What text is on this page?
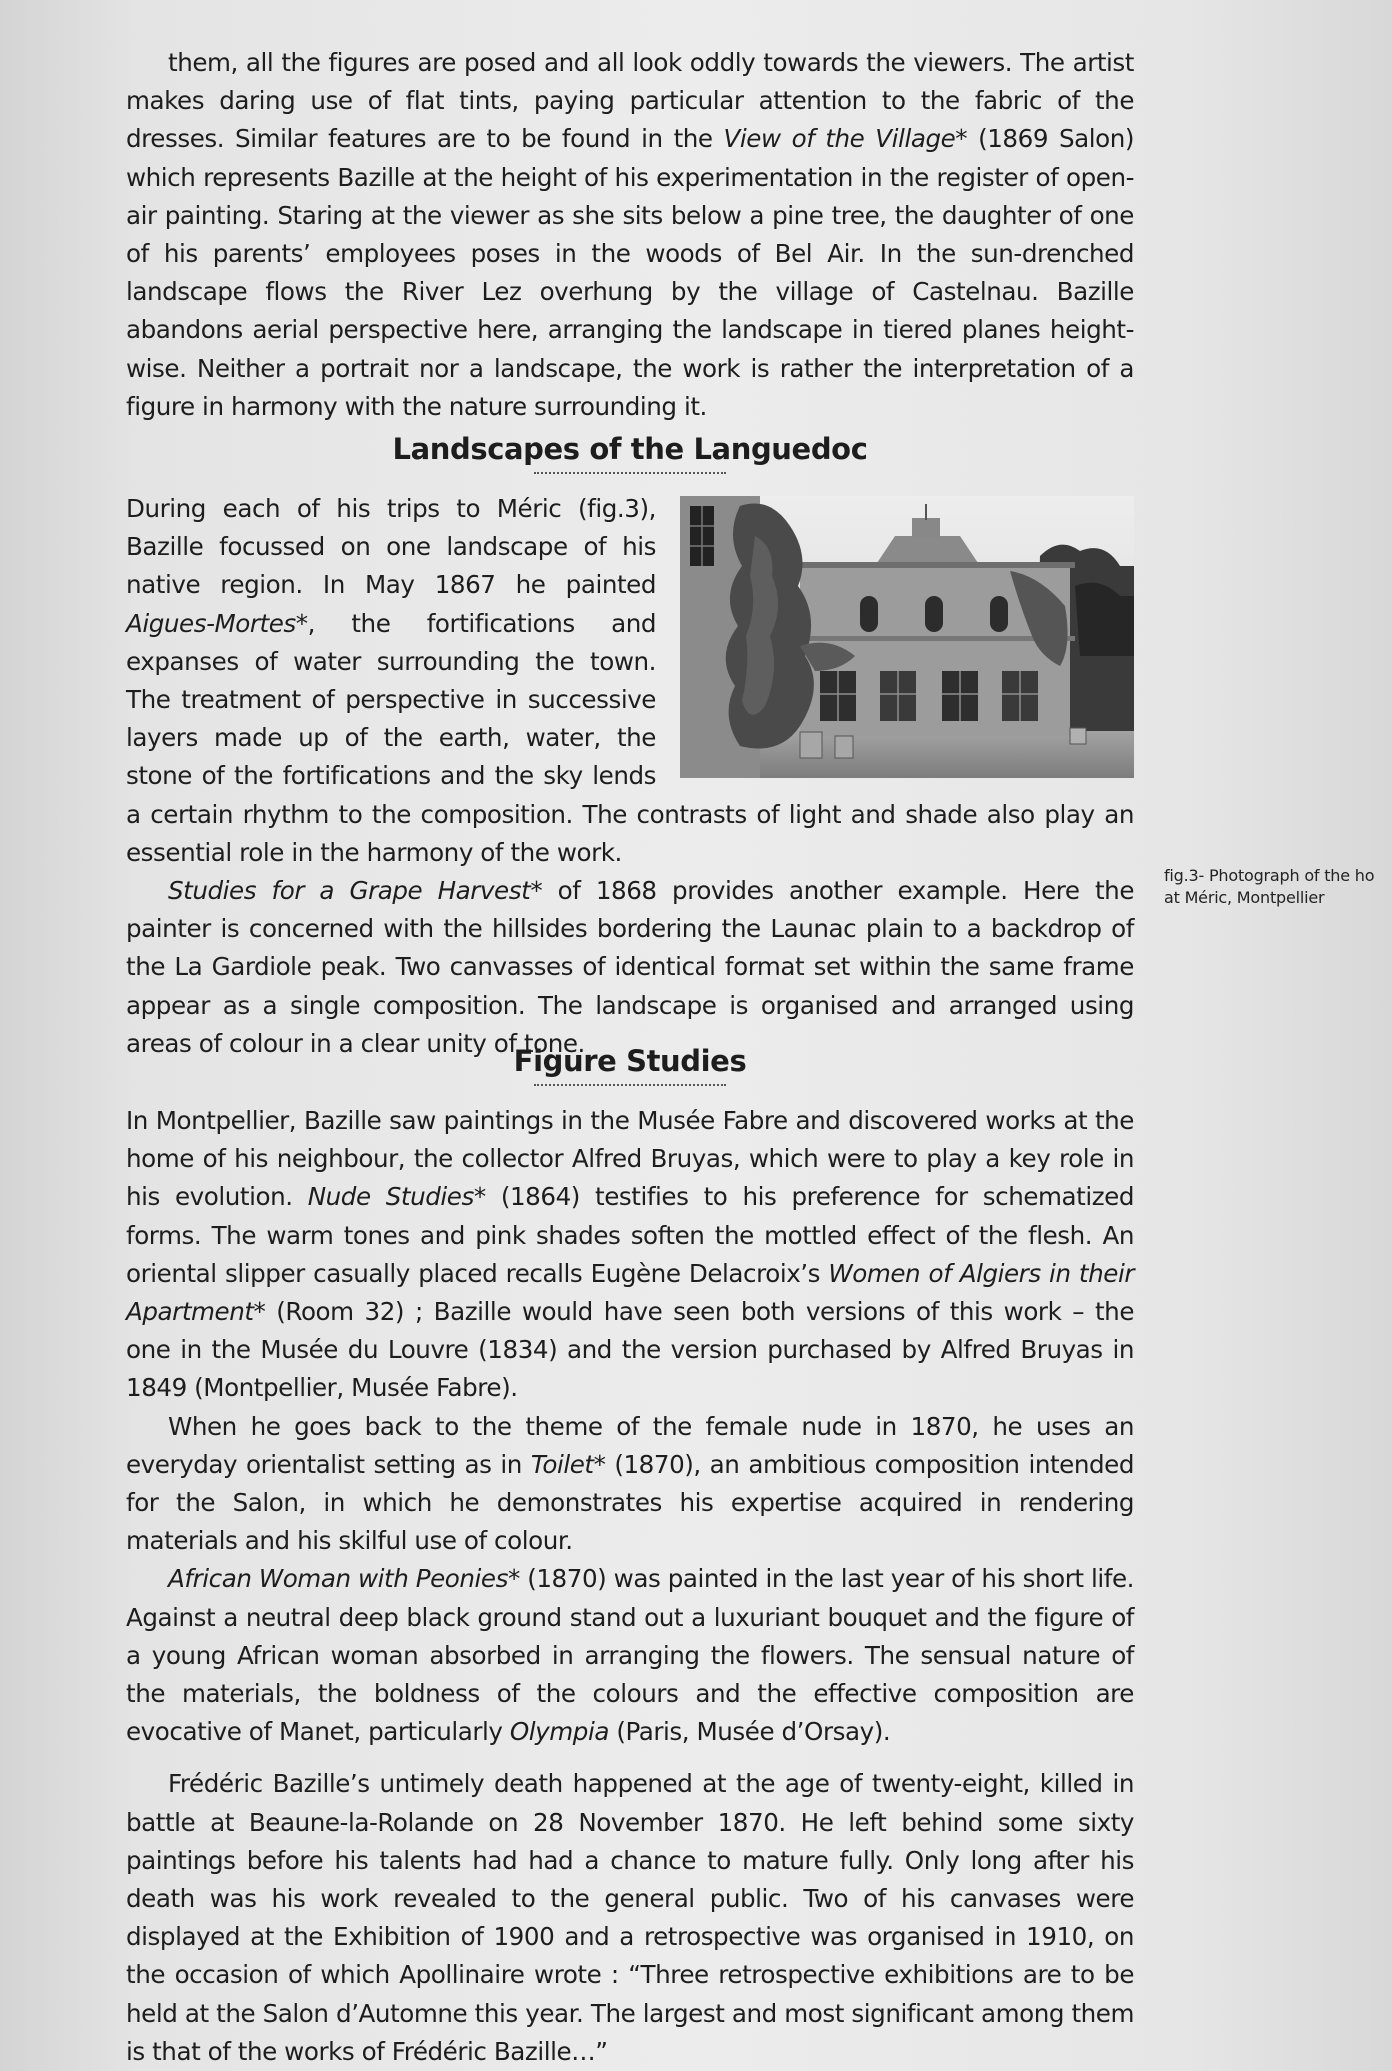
them, all the figures are posed and all look oddly towards the viewers. The artist makes daring use of flat tints, paying particular attention to the fabric of the dresses. Similar features are to be found in the View of the Village* (1869 Salon) which represents Bazille at the height of his experimentation in the register of open-air painting. Staring at the viewer as she sits below a pine tree, the daughter of one of his parents’ employees poses in the woods of Bel Air. In the sun-drenched landscape flows the River Lez overhung by the village of Castelnau. Bazille abandons aerial perspective here, arranging the landscape in tiered planes height-wise. Neither a portrait nor a landscape, the work is rather the interpretation of a figure in harmony with the nature surrounding it.

Landscapes of the Languedoc

During each of his trips to Méric (fig.3), Bazille focussed on one landscape of his native region. In May 1867 he painted Aigues-Mortes*, the fortifications and expanses of water surrounding the town. The treatment of perspective in successive layers made up of the earth, water, the stone of the fortifications and the sky lends a certain rhythm to the composition. The contrasts of light and shade also play an essential role in the harmony of the work.

Studies for a Grape Harvest* of 1868 provides another example. Here the painter is concerned with the hillsides bordering the Launac plain to a backdrop of the La Gardiole peak. Two canvasses of identical format set within the same frame appear as a single composition. The landscape is organised and arranged using areas of colour in a clear unity of tone.

fig.3- Photograph of the ho
at Méric, Montpellier
Figure Studies

In Montpellier, Bazille saw paintings in the Musée Fabre and discovered works at the home of his neighbour, the collector Alfred Bruyas, which were to play a key role in his evolution. Nude Studies* (1864) testifies to his preference for schematized forms. The warm tones and pink shades soften the mottled effect of the flesh. An oriental slipper casually placed recalls Eugène Delacroix’s Women of Algiers in their Apartment* (Room 32) ; Bazille would have seen both versions of this work – the one in the Musée du Louvre (1834) and the version purchased by Alfred Bruyas in 1849 (Montpellier, Musée Fabre).

When he goes back to the theme of the female nude in 1870, he uses an everyday orientalist setting as in Toilet* (1870), an ambitious composition intended for the Salon, in which he demonstrates his expertise acquired in rendering materials and his skilful use of colour.

African Woman with Peonies* (1870) was painted in the last year of his short life. Against a neutral deep black ground stand out a luxuriant bouquet and the figure of a young African woman absorbed in arranging the flowers. The sensual nature of the materials, the boldness of the colours and the effective composition are evocative of Manet, particularly Olympia (Paris, Musée d’Orsay).

Frédéric Bazille’s untimely death happened at the age of twenty-eight, killed in battle at Beaune-la-Rolande on 28 November 1870. He left behind some sixty paintings before his talents had had a chance to mature fully. Only long after his death was his work revealed to the general public. Two of his canvases were displayed at the Exhibition of 1900 and a retrospective was organised in 1910, on the occasion of which Apollinaire wrote : “Three retrospective exhibitions are to be held at the Salon d’Automne this year. The largest and most significant among them is that of the works of Frédéric Bazille…”
